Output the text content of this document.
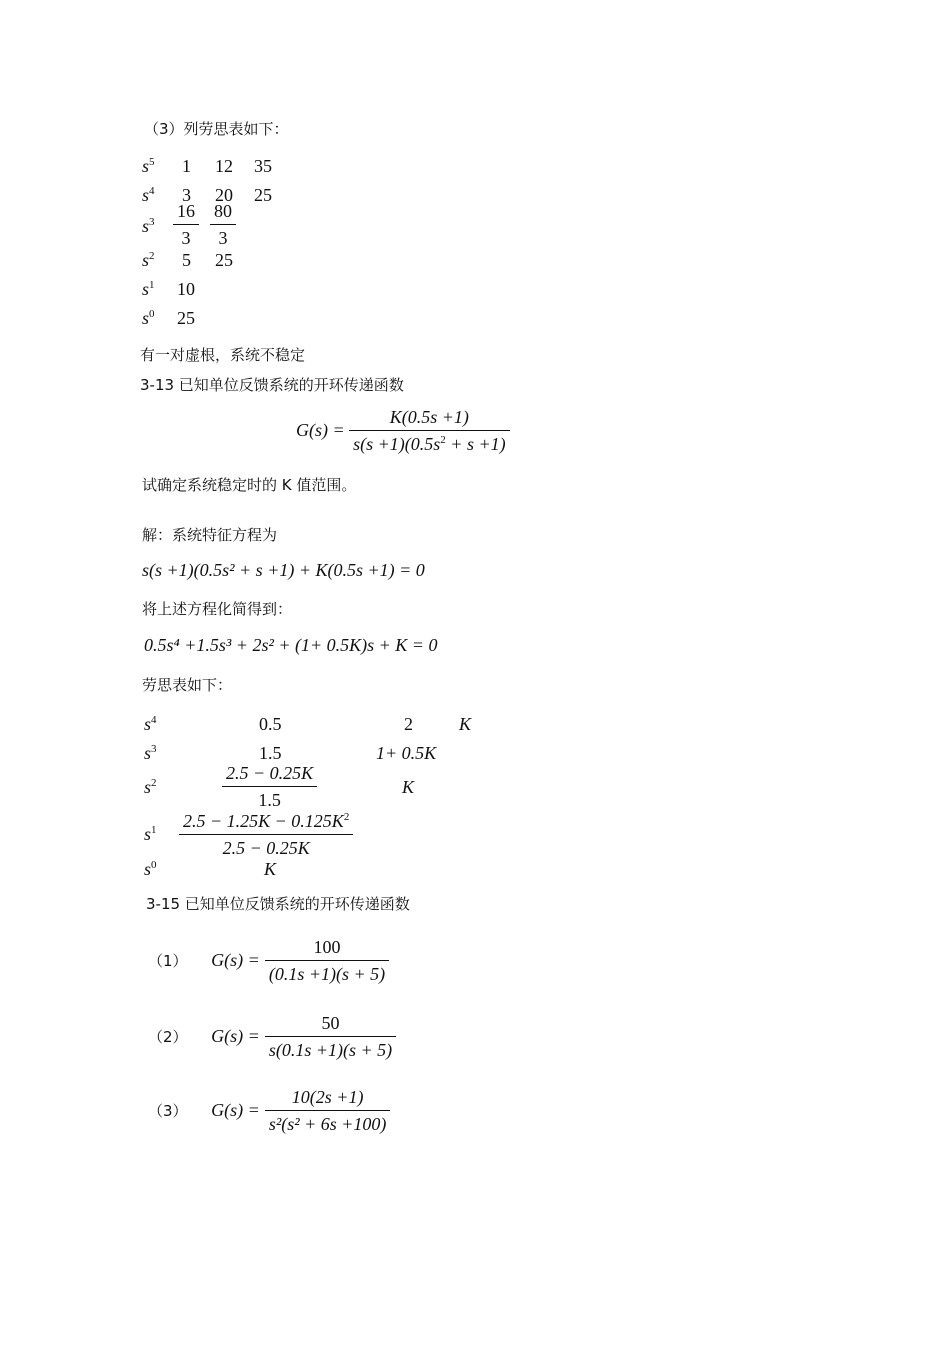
（3）列劳思表如下：
$s^5$ 1 12 35
$s^4$ 3 20 25
$s^3 \frac{16}{3} \frac{80}{3}$
$s^2$ 5 25
$s^1$ 10
$s^0$ 25
有一对虚根，系统不稳定
3-13 已知单位反馈系统的开环传递函数
$G(s) = \frac{K(0.5s +1)}{s(s +1)(0.5s^2 + s +1)}$
试确定系统稳定时的 K 值范围。
解：系统特征方程为
s(s +1)(0.5s² + s +1) + K(0.5s +1) = 0
将上述方程化简得到：
0.5s⁴ +1.5s³ + 2s² + (1+ 0.5K)s + K = 0
劳思表如下：
$s^4$	0.5	2	K
$s^3$	1.5	1+ 0.5K
$s^2$	$\frac{2.5 - 0.25K}{1.5}$	K
$s^1 \frac{2.5 - 1.25K - 0.125K^2}{2.5 - 0.25K}$
$s^0$	K
3-15 已知单位反馈系统的开环传递函数
（1） $G(s) = \frac{100}{(0.1s +1)(s + 5)}$
（2） $G(s) = \frac{50}{s(0.1s +1)(s + 5)}$
（3） $G(s) = \frac{10(2s +1)}{\text{s²(s² + 6s +100)}}$
